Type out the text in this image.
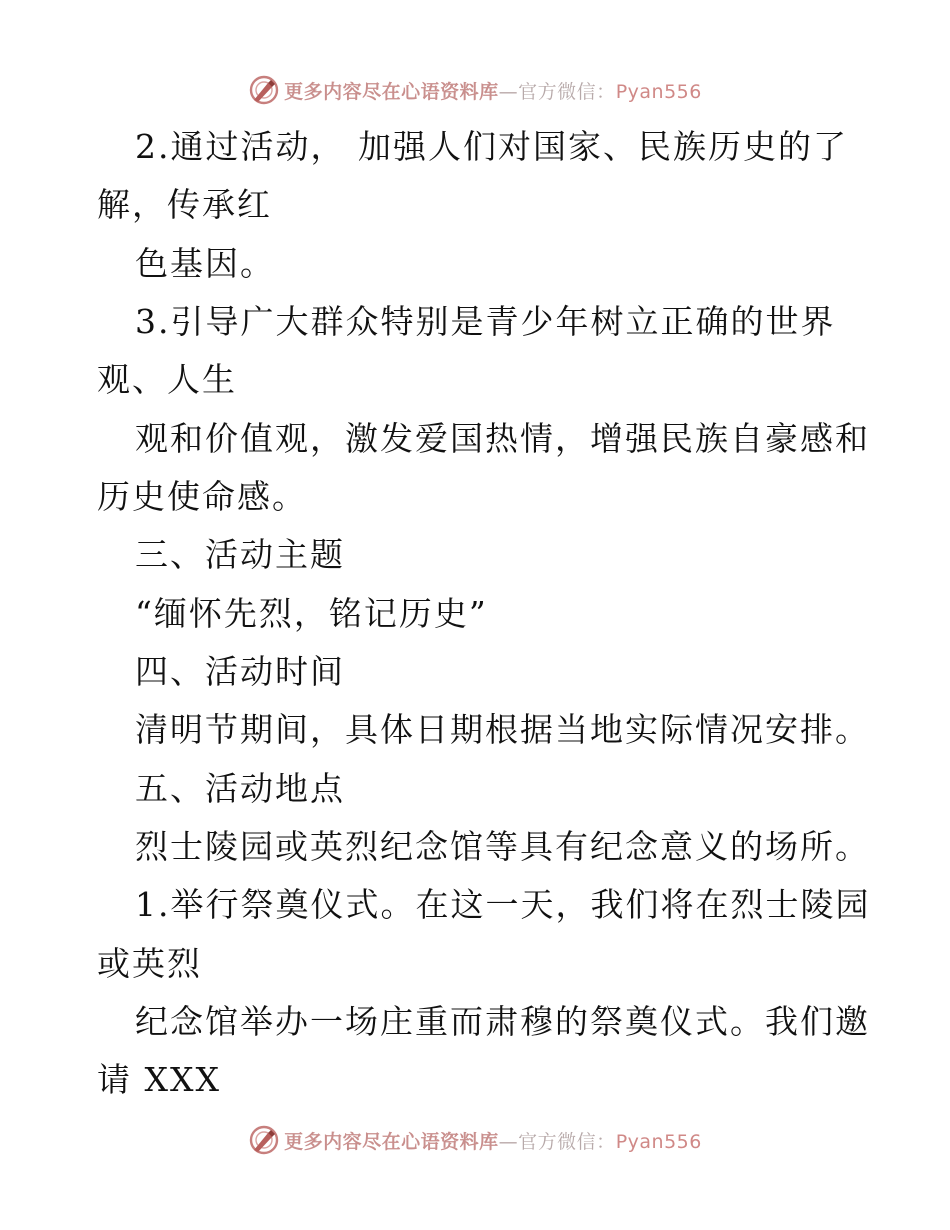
更多内容尽在心语资料库—官方微信：Pyan556
2.通过活动， 加强人们对国家、民族历史的了
解，传承红
色基因。
3.引导广大群众特别是青少年树立正确的世界
观、人生
观和价值观，激发爱国热情，增强民族自豪感和
历史使命感。
三、活动主题
“缅怀先烈，铭记历史”
四、活动时间
清明节期间，具体日期根据当地实际情况安排。
五、活动地点
烈士陵园或英烈纪念馆等具有纪念意义的场所。
1.举行祭奠仪式。在这一天，我们将在烈士陵园
或英烈
纪念馆举办一场庄重而肃穆的祭奠仪式。我们邀
请 XXX
更多内容尽在心语资料库—官方微信：Pyan556
